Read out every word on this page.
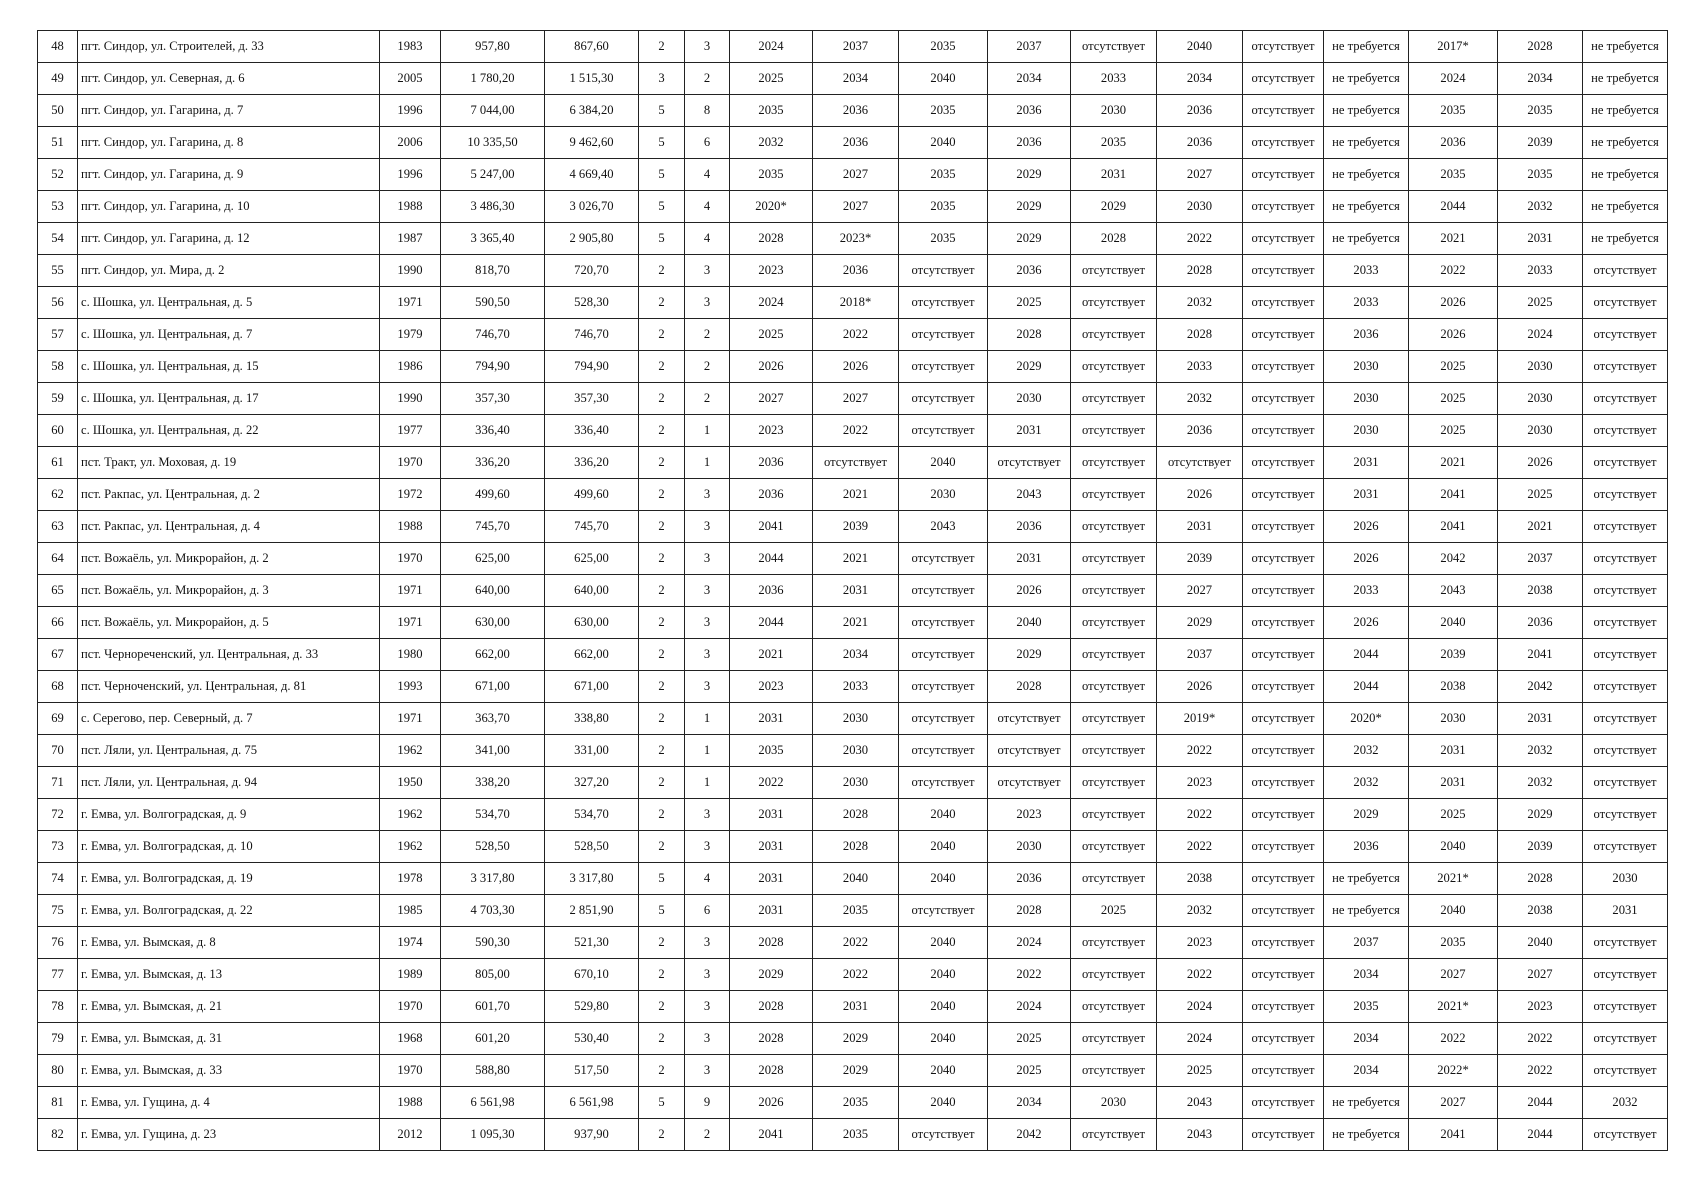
48	пгт. Синдор, ул. Строителей, д. 33	1983	957,80	867,60	2	3	2024	2037	2035	2037	отсутствует	2040	отсутствует	не требуется	2017*	2028	не требуется
49	пгт. Синдор, ул. Северная, д. 6	2005	1 780,20	1 515,30	3	2	2025	2034	2040	2034	2033	2034	отсутствует	не требуется	2024	2034	не требуется
50	пгт. Синдор, ул. Гагарина, д. 7	1996	7 044,00	6 384,20	5	8	2035	2036	2035	2036	2030	2036	отсутствует	не требуется	2035	2035	не требуется
51	пгт. Синдор, ул. Гагарина, д. 8	2006	10 335,50	9 462,60	5	6	2032	2036	2040	2036	2035	2036	отсутствует	не требуется	2036	2039	не требуется
52	пгт. Синдор, ул. Гагарина, д. 9	1996	5 247,00	4 669,40	5	4	2035	2027	2035	2029	2031	2027	отсутствует	не требуется	2035	2035	не требуется
53	пгт. Синдор, ул. Гагарина, д. 10	1988	3 486,30	3 026,70	5	4	2020*	2027	2035	2029	2029	2030	отсутствует	не требуется	2044	2032	не требуется
54	пгт. Синдор, ул. Гагарина, д. 12	1987	3 365,40	2 905,80	5	4	2028	2023*	2035	2029	2028	2022	отсутствует	не требуется	2021	2031	не требуется
55	пгт. Синдор, ул. Мира, д. 2	1990	818,70	720,70	2	3	2023	2036	отсутствует	2036	отсутствует	2028	отсутствует	2033	2022	2033	отсутствует
56	с. Шошка, ул. Центральная, д. 5	1971	590,50	528,30	2	3	2024	2018*	отсутствует	2025	отсутствует	2032	отсутствует	2033	2026	2025	отсутствует
57	с. Шошка, ул. Центральная, д. 7	1979	746,70	746,70	2	2	2025	2022	отсутствует	2028	отсутствует	2028	отсутствует	2036	2026	2024	отсутствует
58	с. Шошка, ул. Центральная, д. 15	1986	794,90	794,90	2	2	2026	2026	отсутствует	2029	отсутствует	2033	отсутствует	2030	2025	2030	отсутствует
59	с. Шошка, ул. Центральная, д. 17	1990	357,30	357,30	2	2	2027	2027	отсутствует	2030	отсутствует	2032	отсутствует	2030	2025	2030	отсутствует
60	с. Шошка, ул. Центральная, д. 22	1977	336,40	336,40	2	1	2023	2022	отсутствует	2031	отсутствует	2036	отсутствует	2030	2025	2030	отсутствует
61	пст. Тракт, ул. Моховая, д. 19	1970	336,20	336,20	2	1	2036	отсутствует	2040	отсутствует	отсутствует	отсутствует	отсутствует	2031	2021	2026	отсутствует
62	пст. Ракпас, ул. Центральная, д. 2	1972	499,60	499,60	2	3	2036	2021	2030	2043	отсутствует	2026	отсутствует	2031	2041	2025	отсутствует
63	пст. Ракпас, ул. Центральная, д. 4	1988	745,70	745,70	2	3	2041	2039	2043	2036	отсутствует	2031	отсутствует	2026	2041	2021	отсутствует
64	пст. Вожаёль, ул. Микрорайон, д. 2	1970	625,00	625,00	2	3	2044	2021	отсутствует	2031	отсутствует	2039	отсутствует	2026	2042	2037	отсутствует
65	пст. Вожаёль, ул. Микрорайон, д. 3	1971	640,00	640,00	2	3	2036	2031	отсутствует	2026	отсутствует	2027	отсутствует	2033	2043	2038	отсутствует
66	пст. Вожаёль, ул. Микрорайон, д. 5	1971	630,00	630,00	2	3	2044	2021	отсутствует	2040	отсутствует	2029	отсутствует	2026	2040	2036	отсутствует
67	пст. Чернореченский, ул. Центральная, д. 33	1980	662,00	662,00	2	3	2021	2034	отсутствует	2029	отсутствует	2037	отсутствует	2044	2039	2041	отсутствует
68	пст. Черноченский, ул. Центральная, д. 81	1993	671,00	671,00	2	3	2023	2033	отсутствует	2028	отсутствует	2026	отсутствует	2044	2038	2042	отсутствует
69	с. Серегово, пер. Северный, д. 7	1971	363,70	338,80	2	1	2031	2030	отсутствует	отсутствует	отсутствует	2019*	отсутствует	2020*	2030	2031	отсутствует
70	пст. Ляли, ул. Центральная, д. 75	1962	341,00	331,00	2	1	2035	2030	отсутствует	отсутствует	отсутствует	2022	отсутствует	2032	2031	2032	отсутствует
71	пст. Ляли, ул. Центральная, д. 94	1950	338,20	327,20	2	1	2022	2030	отсутствует	отсутствует	отсутствует	2023	отсутствует	2032	2031	2032	отсутствует
72	г. Емва, ул. Волгоградская, д. 9	1962	534,70	534,70	2	3	2031	2028	2040	2023	отсутствует	2022	отсутствует	2029	2025	2029	отсутствует
73	г. Емва, ул. Волгоградская, д. 10	1962	528,50	528,50	2	3	2031	2028	2040	2030	отсутствует	2022	отсутствует	2036	2040	2039	отсутствует
74	г. Емва, ул. Волгоградская, д. 19	1978	3 317,80	3 317,80	5	4	2031	2040	2040	2036	отсутствует	2038	отсутствует	не требуется	2021*	2028	2030
75	г. Емва, ул. Волгоградская, д. 22	1985	4 703,30	2 851,90	5	6	2031	2035	отсутствует	2028	2025	2032	отсутствует	не требуется	2040	2038	2031
76	г. Емва, ул. Вымская, д. 8	1974	590,30	521,30	2	3	2028	2022	2040	2024	отсутствует	2023	отсутствует	2037	2035	2040	отсутствует
77	г. Емва, ул. Вымская, д. 13	1989	805,00	670,10	2	3	2029	2022	2040	2022	отсутствует	2022	отсутствует	2034	2027	2027	отсутствует
78	г. Емва, ул. Вымская, д. 21	1970	601,70	529,80	2	3	2028	2031	2040	2024	отсутствует	2024	отсутствует	2035	2021*	2023	отсутствует
79	г. Емва, ул. Вымская, д. 31	1968	601,20	530,40	2	3	2028	2029	2040	2025	отсутствует	2024	отсутствует	2034	2022	2022	отсутствует
80	г. Емва, ул. Вымская, д. 33	1970	588,80	517,50	2	3	2028	2029	2040	2025	отсутствует	2025	отсутствует	2034	2022*	2022	отсутствует
81	г. Емва, ул. Гущина, д. 4	1988	6 561,98	6 561,98	5	9	2026	2035	2040	2034	2030	2043	отсутствует	не требуется	2027	2044	2032
82	г. Емва, ул. Гущина, д. 23	2012	1 095,30	937,90	2	2	2041	2035	отсутствует	2042	отсутствует	2043	отсутствует	не требуется	2041	2044	отсутствует
